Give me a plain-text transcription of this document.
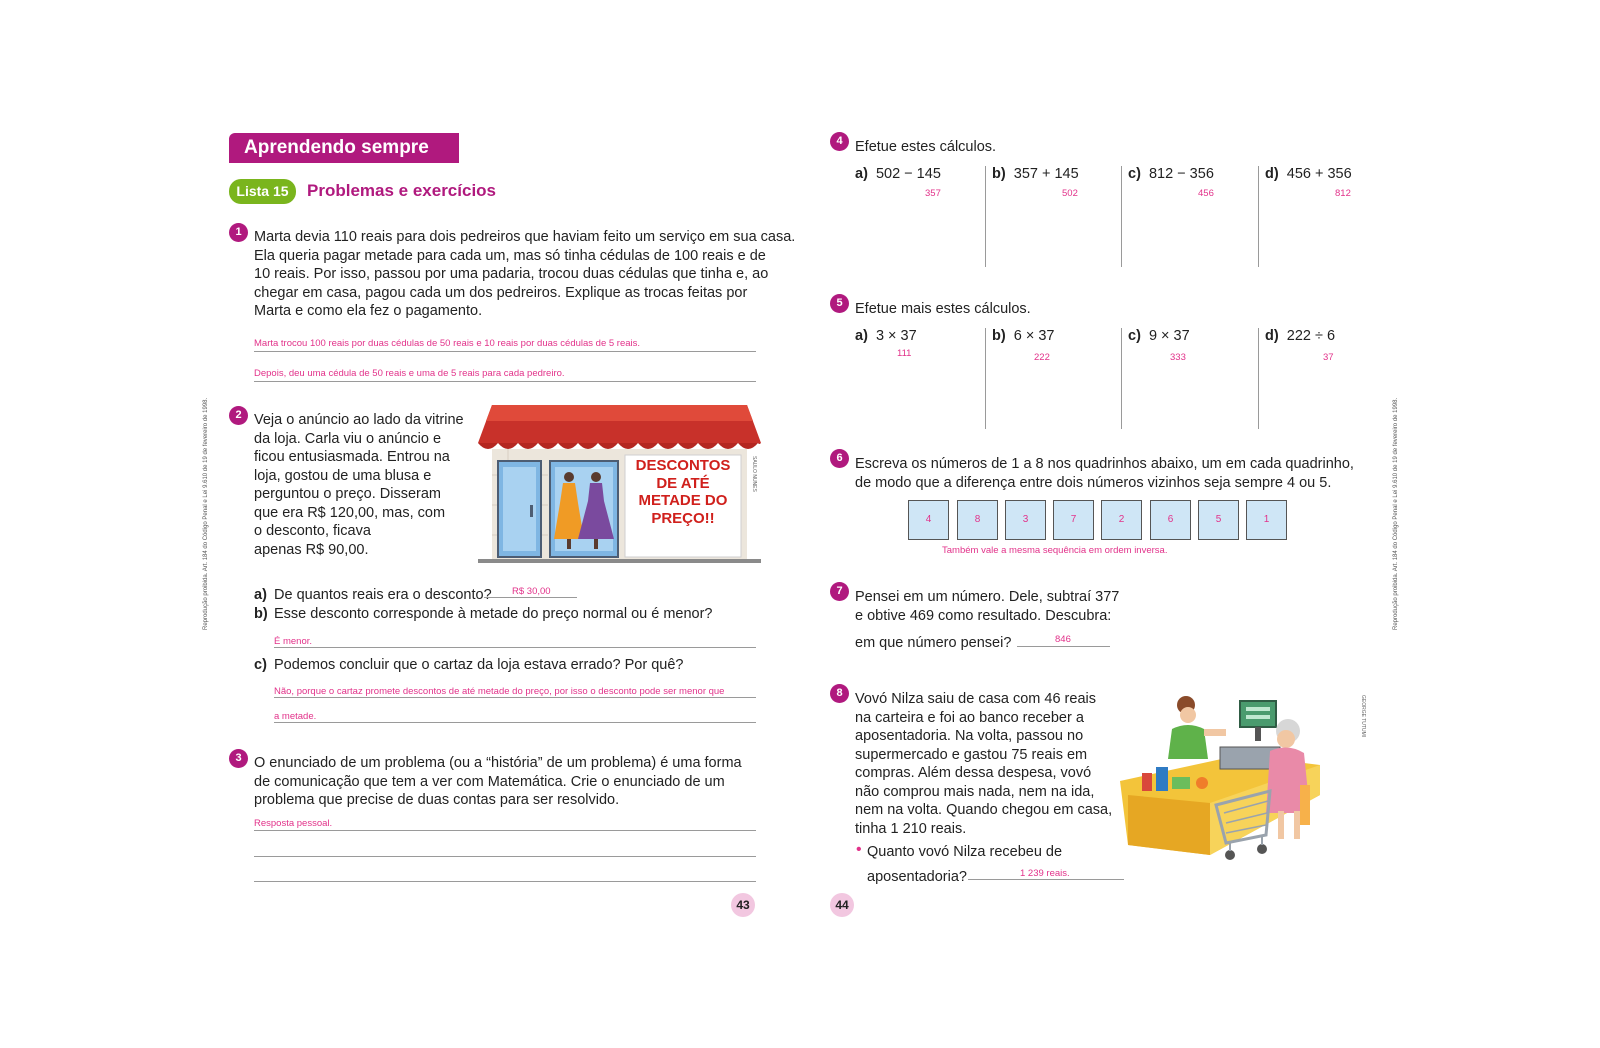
Aprendendo sempre
Lista 15	Problemas e exercícios
Reprodução proibida. Art. 184 do Código Penal e Lei 9.610 de 19 de fevereiro de 1998.
1 Marta devia 110 reais para dois pedreiros que haviam feito um serviço em sua casa.
Ela queria pagar metade para cada um, mas só tinha cédulas de 100 reais e de
10 reais. Por isso, passou por uma padaria, trocou duas cédulas que tinha e, ao
chegar em casa, pagou cada um dos pedreiros. Explique as trocas feitas por
Marta e como ela fez o pagamento.
Marta trocou 100 reais por duas cédulas de 50 reais e 10 reais por duas cédulas de 5 reais.
Depois, deu uma cédula de 50 reais e uma de 5 reais para cada pedreiro.
2 Veja o anúncio ao lado da vitrine
da loja. Carla viu o anúncio e
ficou entusiasmada. Entrou na
loja, gostou de uma blusa e
perguntou o preço. Disseram
que era R$ 120,00, mas, com
o desconto, ficava
apenas R$ 90,00.
DESCONTOS
DE ATÉ
METADE DO
PREÇO!!
SAULO NUNES
a) De quantos reais era o desconto? R$ 30,00
b) Esse desconto corresponde à metade do preço normal ou é menor?
É menor.
c) Podemos concluir que o cartaz da loja estava errado? Por quê?
Não, porque o cartaz promete descontos de até metade do preço, por isso o desconto pode ser menor que
a metade.
3 O enunciado de um problema (ou a “história” de um problema) é uma forma
de comunicação que tem a ver com Matemática. Crie o enunciado de um
problema que precise de duas contas para ser resolvido.
Resposta pessoal.
43
Reprodução proibida. Art. 184 do Código Penal e Lei 9.610 de 19 de fevereiro de 1998.
4 Efetue estes cálculos.
a) 502 − 145
357
b) 357 + 145
502
c) 812 − 356
456
d) 456 + 356
812
5 Efetue mais estes cálculos.
a) 3 × 37
111
b) 6 × 37
222
c) 9 × 37
333
d) 222 ÷ 6
37
6 Escreva os números de 1 a 8 nos quadrinhos abaixo, um em cada quadrinho,
de modo que a diferença entre dois números vizinhos seja sempre 4 ou 5.
4	8	3	7	2	6	5	1
Também vale a mesma sequência em ordem inversa.
7 Pensei em um número. Dele, subtraí 377
e obtive 469 como resultado. Descubra:
em que número pensei?	846
8 Vovó Nilza saiu de casa com 46 reais
na carteira e foi ao banco receber a
aposentadoria. Na volta, passou no
supermercado e gastou 75 reais em
compras. Além dessa despesa, vovó
não comprou mais nada, nem na ida,
nem na volta. Quando chegou em casa,
tinha 1 210 reais.
• Quanto vovó Nilza recebeu de
aposentadoria?	1 239 reais.
GEORGE TUTUMI
44
